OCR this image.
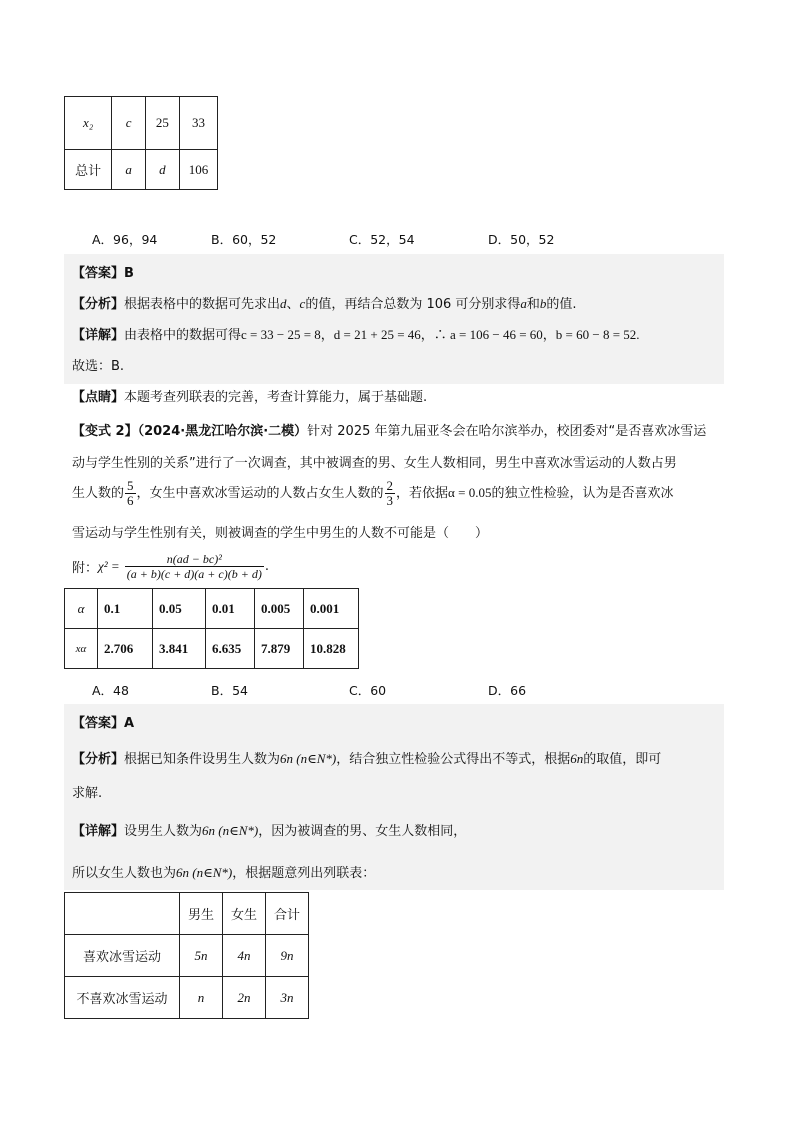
x₂	c	25	33
总计	a	d	106
A．96，94	B．60，52	C．52，54	D．50，52
【答案】B
【分析】根据表格中的数据可先求出d、c的值，再结合总数为 106 可分别求得a和b的值.
【详解】由表格中的数据可得c = 33 − 25 = 8，d = 21 + 25 = 46，∴ a = 106 − 46 = 60，b = 60 − 8 = 52.
故选：B.
【点睛】本题考查列联表的完善，考查计算能力，属于基础题.
【变式 2】（2024·黑龙江哈尔滨·二模）针对 2025 年第九届亚冬会在哈尔滨举办，校团委对“是否喜欢冰雪运
动与学生性别的关系”进行了一次调查，其中被调查的男、女生人数相同，男生中喜欢冰雪运动的人数占男
生人数的 $\frac{5}{6}$ ，女生中喜欢冰雪运动的人数占女生人数的 $\frac{2}{3}$ ，若依据α = 0.05的独立性检验，认为是否喜欢冰
雪运动与学生性别有关，则被调查的学生中男生的人数不可能是（　　）
附：$\chi^2 = \frac{\text{n(ad − bc)²}}{(a + b)(c + d)(a + c)(b + d)}$ .
α	0.1	0.05	0.01	0.005	0.001
xα	2.706	3.841	6.635	7.879	10.828
A．48	B．54	C．60	D．66
【答案】A
【分析】根据已知条件设男生人数为6n (n∈N*)，结合独立性检验公式得出不等式，根据6n的取值，即可
求解.
【详解】设男生人数为6n (n∈N*)，因为被调查的男、女生人数相同，
所以女生人数也为6n (n∈N*)，根据题意列出列联表：
	男生	女生	合计
喜欢冰雪运动	5n	4n	9n
不喜欢冰雪运动	n	2n	3n
